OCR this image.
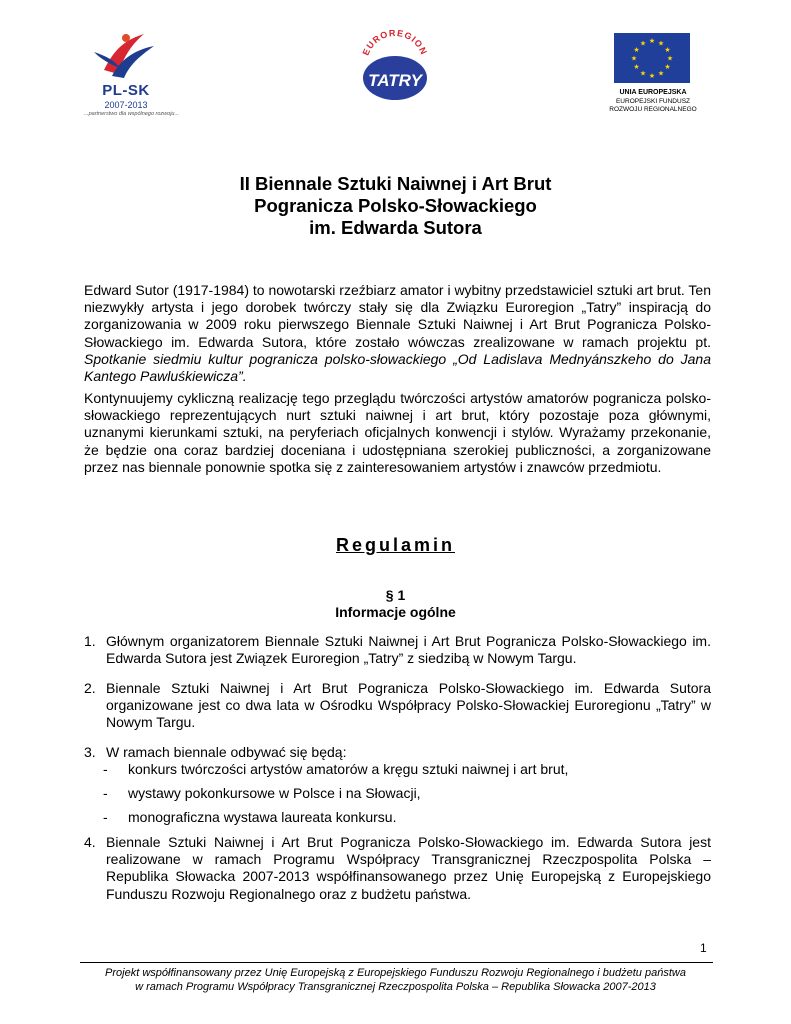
PL-SK
2007-2013
...partnerstwo dla wspólnego rozwoju...
EUROREGION
TATRY
★ ★
★
★
★
★
★
★
★
★
★
★
UNIA EUROPEJSKA
EUROPEJSKI FUNDUSZ
ROZWOJU REGIONALNEGO
II Biennale Sztuki Naiwnej i Art Brut
Pogranicza Polsko-Słowackiego
im. Edwarda Sutora
Edward Sutor (1917-1984) to nowotarski rzeźbiarz amator i wybitny przedstawiciel sztuki art brut. Ten niezwykły artysta i jego dorobek twórczy stały się dla Związku Euroregion „Tatry” inspiracją do zorganizowania w 2009 roku pierwszego Biennale Sztuki Naiwnej i Art Brut Pogranicza Polsko-Słowackiego im. Edwarda Sutora, które zostało wówczas zrealizowane w ramach projektu pt. Spotkanie siedmiu kultur pogranicza polsko-słowackiego „Od Ladislava Mednyánszkeho do Jana Kantego Pawluśkiewicza”.
Kontynuujemy cykliczną realizację tego przeglądu twórczości artystów amatorów pogranicza polsko-słowackiego reprezentujących nurt sztuki naiwnej i art brut, który pozostaje poza głównymi, uznanymi kierunkami sztuki, na peryferiach oficjalnych konwencji i stylów. Wyrażamy przekonanie, że będzie ona coraz bardziej doceniana i udostępniana szerokiej publiczności, a zorganizowane przez nas biennale ponownie spotka się z zainteresowaniem artystów i znawców przedmiotu.
Regulamin
§ 1
Informacje ogólne
1. Głównym organizatorem Biennale Sztuki Naiwnej i Art Brut Pogranicza Polsko-Słowackiego im. Edwarda Sutora jest Związek Euroregion „Tatry” z siedzibą w Nowym Targu.
2. Biennale Sztuki Naiwnej i Art Brut Pogranicza Polsko-Słowackiego im. Edwarda Sutora organizowane jest co dwa lata w Ośrodku Współpracy Polsko-Słowackiej Euroregionu „Tatry” w Nowym Targu.
3. W ramach biennale odbywać się będą:
- konkurs twórczości artystów amatorów a kręgu sztuki naiwnej i art brut,
- wystawy pokonkursowe w Polsce i na Słowacji,
- monograficzna wystawa laureata konkursu.
4. Biennale Sztuki Naiwnej i Art Brut Pogranicza Polsko-Słowackiego im. Edwarda Sutora jest realizowane w ramach Programu Współpracy Transgranicznej Rzeczpospolita Polska – Republika Słowacka 2007-2013 współfinansowanego przez Unię Europejską z Europejskiego Funduszu Rozwoju Regionalnego oraz z budżetu państwa.
1
Projekt współfinansowany przez Unię Europejską z Europejskiego Funduszu Rozwoju Regionalnego i budżetu państwa
w ramach Programu Współpracy Transgranicznej Rzeczpospolita Polska – Republika Słowacka 2007-2013
